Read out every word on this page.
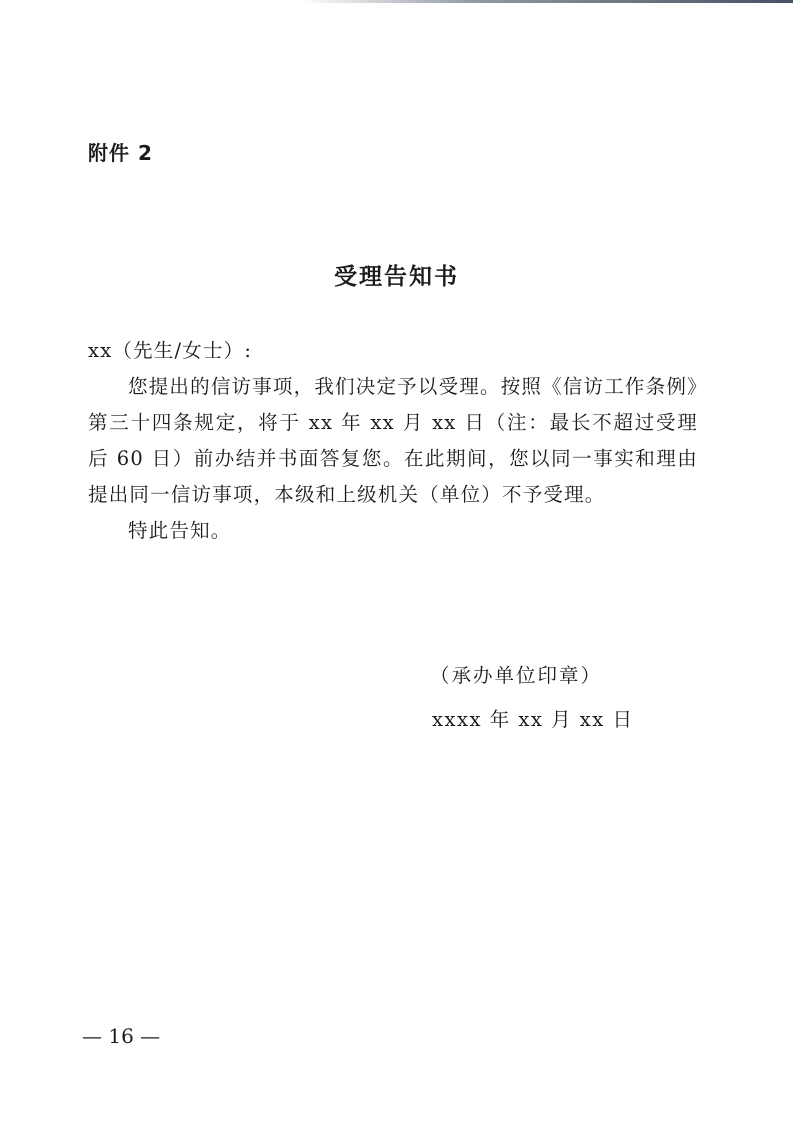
附件 2
受理告知书

xx（先生/女士）:

您提出的信访事项，我们决定予以受理。按照《信访工作条例》第三十四条规定，将于 xx 年 xx 月 xx 日（注：最长不超过受理后 60 日）前办结并书面答复您。在此期间，您以同一事实和理由提出同一信访事项，本级和上级机关（单位）不予受理。

特此告知。

（承办单位印章）
xxxx 年 xx 月 xx 日
— 16 —
